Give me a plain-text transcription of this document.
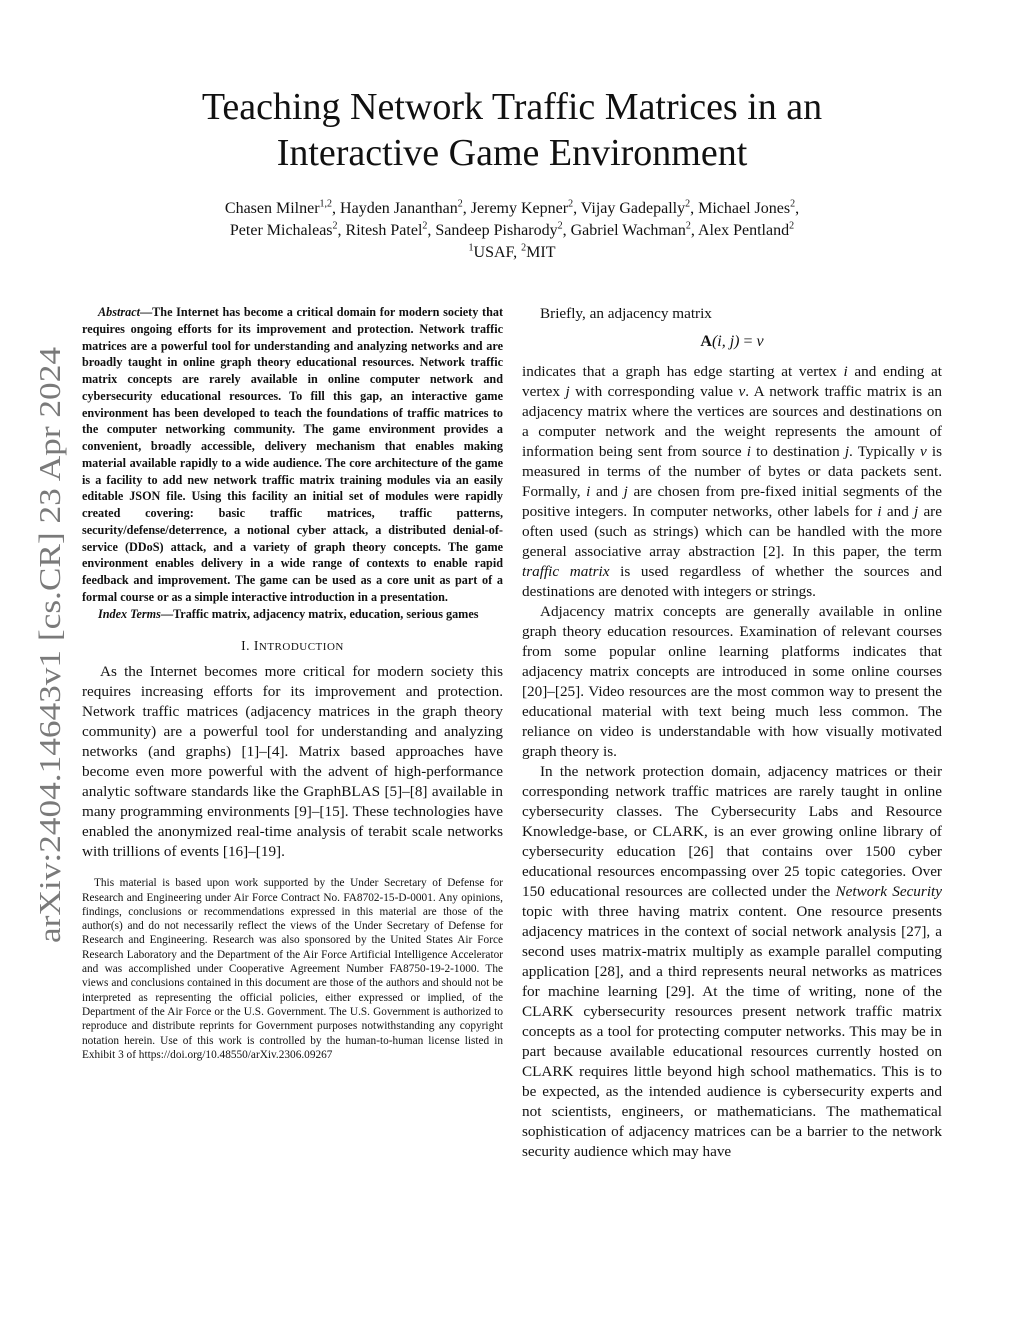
arXiv:2404.14643v1 [cs.CR] 23 Apr 2024
Teaching Network Traffic Matrices in an
Interactive Game Environment
Chasen Milner$^{1,2}$, Hayden Jananthan$^2$, Jeremy Kepner$^2$, Vijay Gadepally$^2$, Michael Jones$^2$,
Peter Michaleas$^2$, Ritesh Patel$^2$, Sandeep Pisharody$^2$, Gabriel Wachman$^2$, Alex Pentland$^2$
$^1$USAF, $^2$MIT

Abstract—The Internet has become a critical domain for modern society that requires ongoing efforts for its improvement and protection. Network traffic matrices are a powerful tool for understanding and analyzing networks and are broadly taught in online graph theory educational resources. Network traffic matrix concepts are rarely available in online computer network and cybersecurity educational resources. To fill this gap, an interactive game environment has been developed to teach the foundations of traffic matrices to the computer networking community. The game environment provides a convenient, broadly accessible, delivery mechanism that enables making material available rapidly to a wide audience. The core architecture of the game is a facility to add new network traffic matrix training modules via an easily editable JSON file. Using this facility an initial set of modules were rapidly created covering: basic traffic matrices, traffic patterns, security/defense/deterrence, a notional cyber attack, a distributed denial-of-service (DDoS) attack, and a variety of graph theory concepts. The game environment enables delivery in a wide range of contexts to enable rapid feedback and improvement. The game can be used as a core unit as part of a formal course or as a simple interactive introduction in a presentation.

Index Terms—Traffic matrix, adjacency matrix, education, serious games

I. INTRODUCTION

As the Internet becomes more critical for modern society this requires increasing efforts for its improvement and protection. Network traffic matrices (adjacency matrices in the graph theory community) are a powerful tool for understanding and analyzing networks (and graphs) [1]–[4]. Matrix based approaches have become even more powerful with the advent of high-performance analytic software standards like the GraphBLAS [5]–[8] available in many programming environments [9]–[15]. These technologies have enabled the anonymized real-time analysis of terabit scale networks with trillions of events [16]–[19].

This material is based upon work supported by the Under Secretary of Defense for Research and Engineering under Air Force Contract No. FA8702-15-D-0001. Any opinions, findings, conclusions or recommendations expressed in this material are those of the author(s) and do not necessarily reflect the views of the Under Secretary of Defense for Research and Engineering. Research was also sponsored by the United States Air Force Research Laboratory and the Department of the Air Force Artificial Intelligence Accelerator and was accomplished under Cooperative Agreement Number FA8750-19-2-1000. The views and conclusions contained in this document are those of the authors and should not be interpreted as representing the official policies, either expressed or implied, of the Department of the Air Force or the U.S. Government. The U.S. Government is authorized to reproduce and distribute reprints for Government purposes notwithstanding any copyright notation herein. Use of this work is controlled by the human-to-human license listed in Exhibit 3 of https://doi.org/10.48550/arXiv.2306.09267

Briefly, an adjacency matrix

A(i, j) = v

indicates that a graph has edge starting at vertex i and ending at vertex j with corresponding value v. A network traffic matrix is an adjacency matrix where the vertices are sources and destinations on a computer network and the weight represents the amount of information being sent from source i to destination j. Typically v is measured in terms of the number of bytes or data packets sent. Formally, i and j are chosen from pre-fixed initial segments of the positive integers. In computer networks, other labels for i and j are often used (such as strings) which can be handled with the more general associative array abstraction [2]. In this paper, the term traffic matrix is used regardless of whether the sources and destinations are denoted with integers or strings.

Adjacency matrix concepts are generally available in online graph theory education resources. Examination of relevant courses from some popular online learning platforms indicates that adjacency matrix concepts are introduced in some online courses [20]–[25]. Video resources are the most common way to present the educational material with text being much less common. The reliance on video is understandable with how visually motivated graph theory is.

In the network protection domain, adjacency matrices or their corresponding network traffic matrices are rarely taught in online cybersecurity classes. The Cybersecurity Labs and Resource Knowledge-base, or CLARK, is an ever growing online library of cybersecurity education [26] that contains over 1500 cyber educational resources encompassing over 25 topic categories. Over 150 educational resources are collected under the Network Security topic with three having matrix content. One resource presents adjacency matrices in the context of social network analysis [27], a second uses matrix-matrix multiply as example parallel computing application [28], and a third represents neural networks as matrices for machine learning [29]. At the time of writing, none of the CLARK cybersecurity resources present network traffic matrix concepts as a tool for protecting computer networks. This may be in part because available educational resources currently hosted on CLARK requires little beyond high school mathematics. This is to be expected, as the intended audience is cybersecurity experts and not scientists, engineers, or mathematicians. The mathematical sophistication of adjacency matrices can be a barrier to the network security audience which may have
